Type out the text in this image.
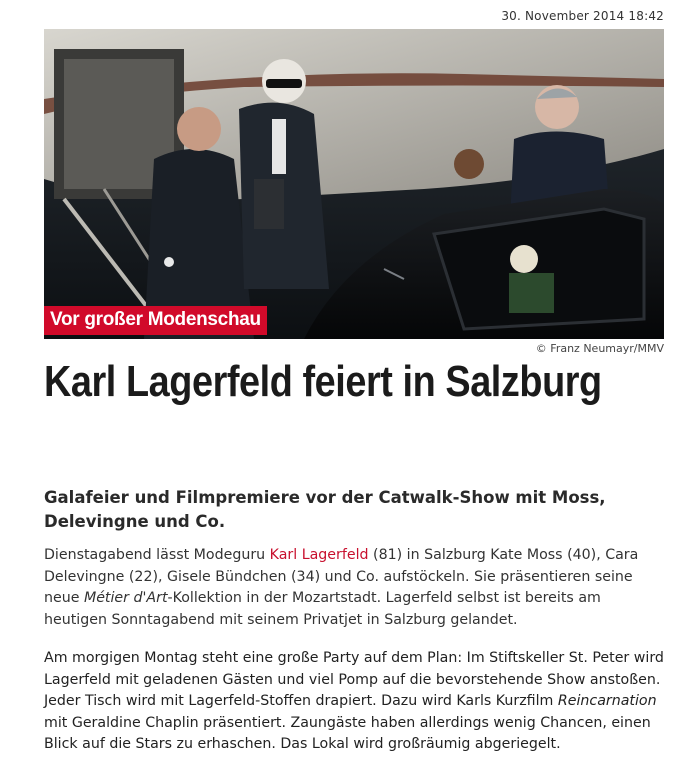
30. November 2014 18:42
Vor großer Modenschau
© Franz Neumayr/MMV
Karl Lagerfeld feiert in Salzburg
Galafeier und Filmpremiere vor der Catwalk-Show mit Moss, Delevingne und Co.

Dienstagabend lässt Modeguru Karl Lagerfeld (81) in Salzburg Kate Moss (40), Cara Delevingne (22), Gisele Bündchen (34) und Co. aufstöckeln. Sie präsentieren seine neue Métier d'Art-Kollektion in der Mozartstadt. Lagerfeld selbst ist bereits am heutigen Sonntagabend mit seinem Privatjet in Salzburg gelandet.

Am morgigen Montag steht eine große Party auf dem Plan: Im Stiftskeller St. Peter wird Lagerfeld mit geladenen Gästen und viel Pomp auf die bevorstehende Show anstoßen. Jeder Tisch wird mit Lagerfeld-Stoffen drapiert. Dazu wird Karls Kurzfilm Reincarnation mit Geraldine Chaplin präsentiert. Zaungäste haben allerdings wenig Chancen, einen Blick auf die Stars zu erhaschen. Das Lokal wird großräumig abgeriegelt.
